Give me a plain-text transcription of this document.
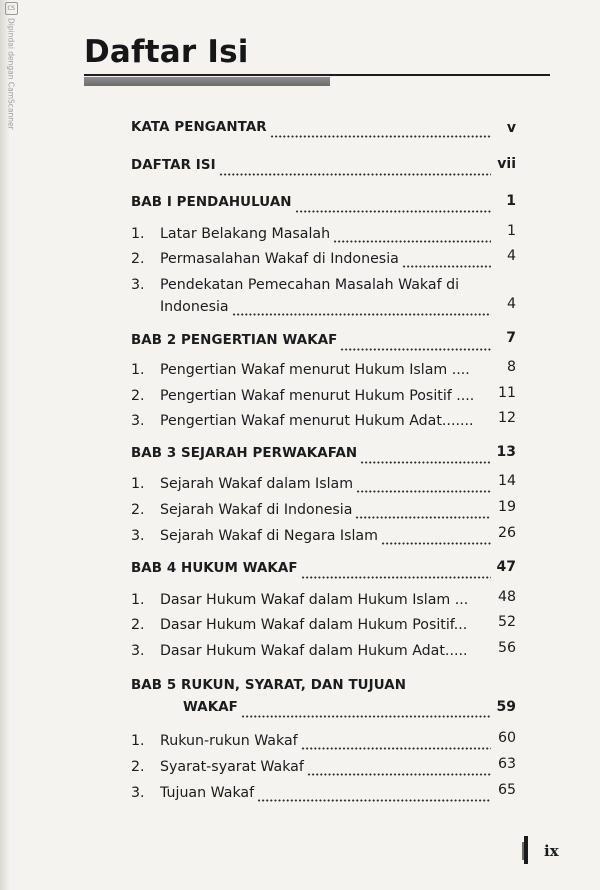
CS
Dipindai dengan CamScanner Daftar Isi
KATA PENGANTAR	v
DAFTAR ISI	vii
BAB I PENDAHULUAN	1
1.	Latar Belakang Masalah	1
2.	Permasalahan Wakaf di Indonesia	4
3.	Pendekatan Pemecahan Masalah Wakaf di
Indonesia	4
BAB 2 PENGERTIAN WAKAF	7
1.	Pengertian Wakaf menurut Hukum Islam ....	8
2.	Pengertian Wakaf menurut Hukum Positif ....	11
3.	Pengertian Wakaf menurut Hukum Adat.......	12
BAB 3 SEJARAH PERWAKAFAN	13
1.	Sejarah Wakaf dalam Islam	14
2.	Sejarah Wakaf di Indonesia	19
3.	Sejarah Wakaf di Negara Islam	26
BAB 4 HUKUM WAKAF	47
1.	Dasar Hukum Wakaf dalam Hukum Islam ...	48
2.	Dasar Hukum Wakaf dalam Hukum Positif...	52
3.	Dasar Hukum Wakaf dalam Hukum Adat.....	56
BAB 5 RUKUN, SYARAT, DAN TUJUAN
WAKAF	59
1.	Rukun-rukun Wakaf	60
2.	Syarat-syarat Wakaf	63
3.	Tujuan Wakaf	65
ix
